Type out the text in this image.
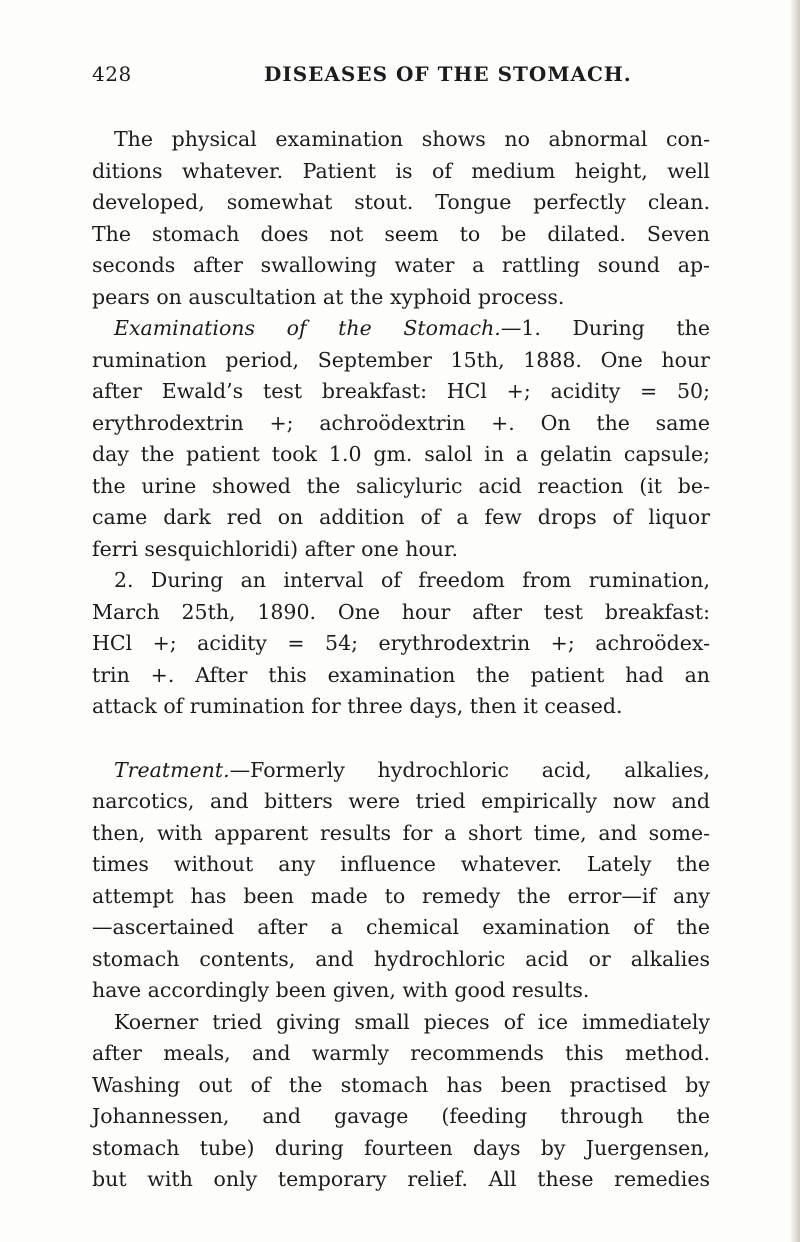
428	DISEASES OF THE STOMACH.
The physical examination shows no abnormal con-
ditions whatever. Patient is of medium height, well
developed, somewhat stout. Tongue perfectly clean.
The stomach does not seem to be dilated. Seven
seconds after swallowing water a rattling sound ap-
pears on auscultation at the xyphoid process.
Examinations of the Stomach.—1. During the
rumination period, September 15th, 1888. One hour
after Ewald’s test breakfast: HCl +; acidity = 50;
erythrodextrin +; achroödextrin +. On the same
day the patient took 1.0 gm. salol in a gelatin capsule;
the urine showed the salicyluric acid reaction (it be-
came dark red on addition of a few drops of liquor
ferri sesquichloridi) after one hour.
2. During an interval of freedom from rumination,
March 25th, 1890. One hour after test breakfast:
HCl +; acidity = 54; erythrodextrin +; achroödex-
trin +. After this examination the patient had an
attack of rumination for three days, then it ceased.
Treatment.—Formerly hydrochloric acid, alkalies,
narcotics, and bitters were tried empirically now and
then, with apparent results for a short time, and some-
times without any influence whatever. Lately the
attempt has been made to remedy the error—if any
—ascertained after a chemical examination of the
stomach contents, and hydrochloric acid or alkalies
have accordingly been given, with good results.
Koerner tried giving small pieces of ice immediately
after meals, and warmly recommends this method.
Washing out of the stomach has been practised by
Johannessen, and gavage (feeding through the
stomach tube) during fourteen days by Juergensen,
but with only temporary relief. All these remedies
